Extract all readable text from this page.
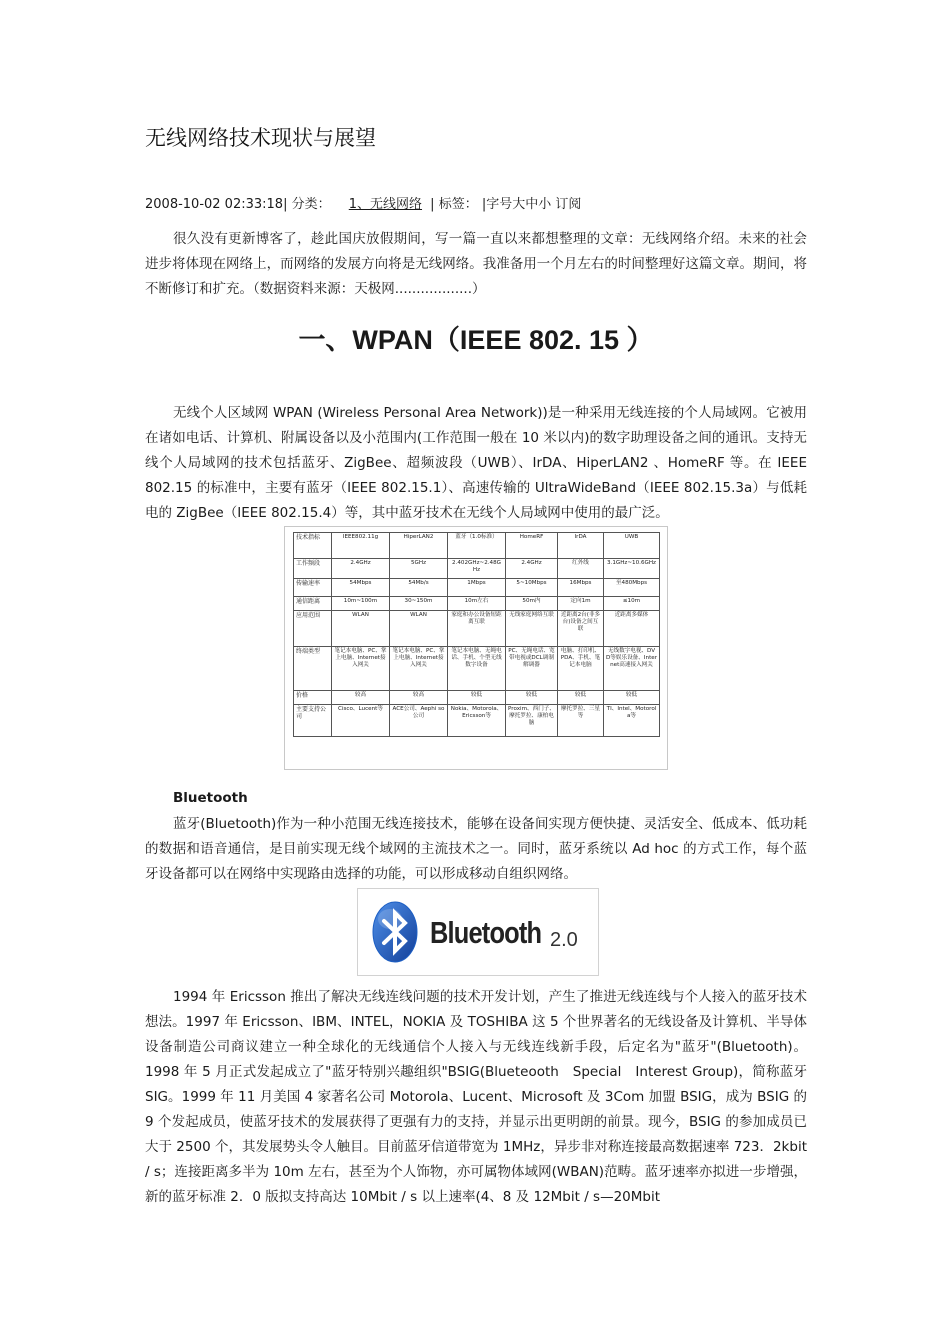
无线网络技术现状与展望
2008-10-02 02:33:18| 分类： 1、无线网络 | 标签： |字号大中小 订阅

很久没有更新博客了，趁此国庆放假期间，写一篇一直以来都想整理的文章：无线网络介绍。未来的社会进步将体现在网络上，而网络的发展方向将是无线网络。我准备用一个月左右的时间整理好这篇文章。期间，将不断修订和扩充。（数据资料来源：天极网..................）

一、WPAN（IEEE 802. 15 ）

无线个人区域网 WPAN (Wireless Personal Area Network))是一种采用无线连接的个人局域网。它被用在诸如电话、计算机、附属设备以及小范围内(工作范围一般在 10 米以内)的数字助理设备之间的通讯。支持无线个人局域网的技术包括蓝牙、ZigBee、超频波段（UWB）、IrDA、HiperLAN2 、HomeRF 等。在 IEEE 802.15 的标准中，主要有蓝牙（IEEE 802.15.1）、高速传输的 UltraWideBand（IEEE 802.15.3a）与低耗电的 ZigBee（IEEE 802.15.4）等，其中蓝牙技术在无线个人局域网中使用的最广泛。

技术指标	IEEE802.11g	HiperLAN2	蓝牙（1.0标准）	HomeRF	IrDA	UWB
工作频段	2.4GHz	5GHz	2.402GHz~2.48GHz	2.4GHz	红外线	3.1GHz~10.6GHz
传输速率	54Mbps	54Mb/s	1Mbps	5~10Mbps	16Mbps	至480Mbps
通信距离	10m~100m	30~150m	10m左右	50m内	定向1m	≤10m
应用范围	WLAN	WLAN	家庭和办公设备短距离互联	无线家庭网络互联	近距离2台(非多台)设备之间互联	近距离多媒体
终端类型	笔记本电脑、PC、掌上电脑、Internet接入网关	笔记本电脑、PC、掌上电脑、Internet接入网关	笔记本电脑、无绳电话、手机、个型无线数字设备	PC、无绳电话、宽带电视或DCL调制解调器	电脑、打印机、PDA、手机、笔记本电脑	无线数字电视、DVD等娱乐设备、Internet高速接入网关
价格	较高	较高	较低	较低	较低	较低
主要支持公司	Cisco、Lucent等	ACE公司、Aephi so公司	Nokia、Motorola、Ericsson等	Proxim、西门子、摩托罗拉、康柏电脑	摩托罗拉、三星等	TI、Intel、Motorola等
Bluetooth

蓝牙(Bluetooth)作为一种小范围无线连接技术，能够在设备间实现方便快捷、灵活安全、低成本、低功耗的数据和语音通信，是目前实现无线个域网的主流技术之一。同时，蓝牙系统以 Ad hoc 的方式工作，每个蓝牙设备都可以在网络中实现路由选择的功能，可以形成移动自组织网络。

Bluetooth 2.0

1994 年 Ericsson 推出了解决无线连线问题的技术开发计划，产生了推进无线连线与个人接入的蓝牙技术想法。1997 年 Ericsson、IBM、INTEL，NOKIA 及 TOSHIBA 这 5 个世界著名的无线设备及计算机、半导体设备制造公司商议建立一种全球化的无线通信个人接入与无线连线新手段，后定名为"蓝牙"(Bluetooth)。1998 年 5 月正式发起成立了"蓝牙特别兴趣组织"BSIG(Blueteooth　Special　Interest Group)，简称蓝牙 SIG。1999 年 11 月美国 4 家著名公司 Motorola、Lucent、Microsoft 及 3Com 加盟 BSIG，成为 BSIG 的 9 个发起成员，使蓝牙技术的发展获得了更强有力的支持，并显示出更明朗的前景。现今，BSIG 的参加成员已大于 2500 个，其发展势头令人触目。目前蓝牙信道带宽为 1MHz，异步非对称连接最高数据速率 723．2kbit / s；连接距离多半为 10m 左右，甚至为个人饰物，亦可属物体域网(WBAN)范畴。蓝牙速率亦拟进一步增强，新的蓝牙标准 2．0 版拟支持高达 10Mbit / s 以上速率(4、8 及 12Mbit / s—20Mbit
